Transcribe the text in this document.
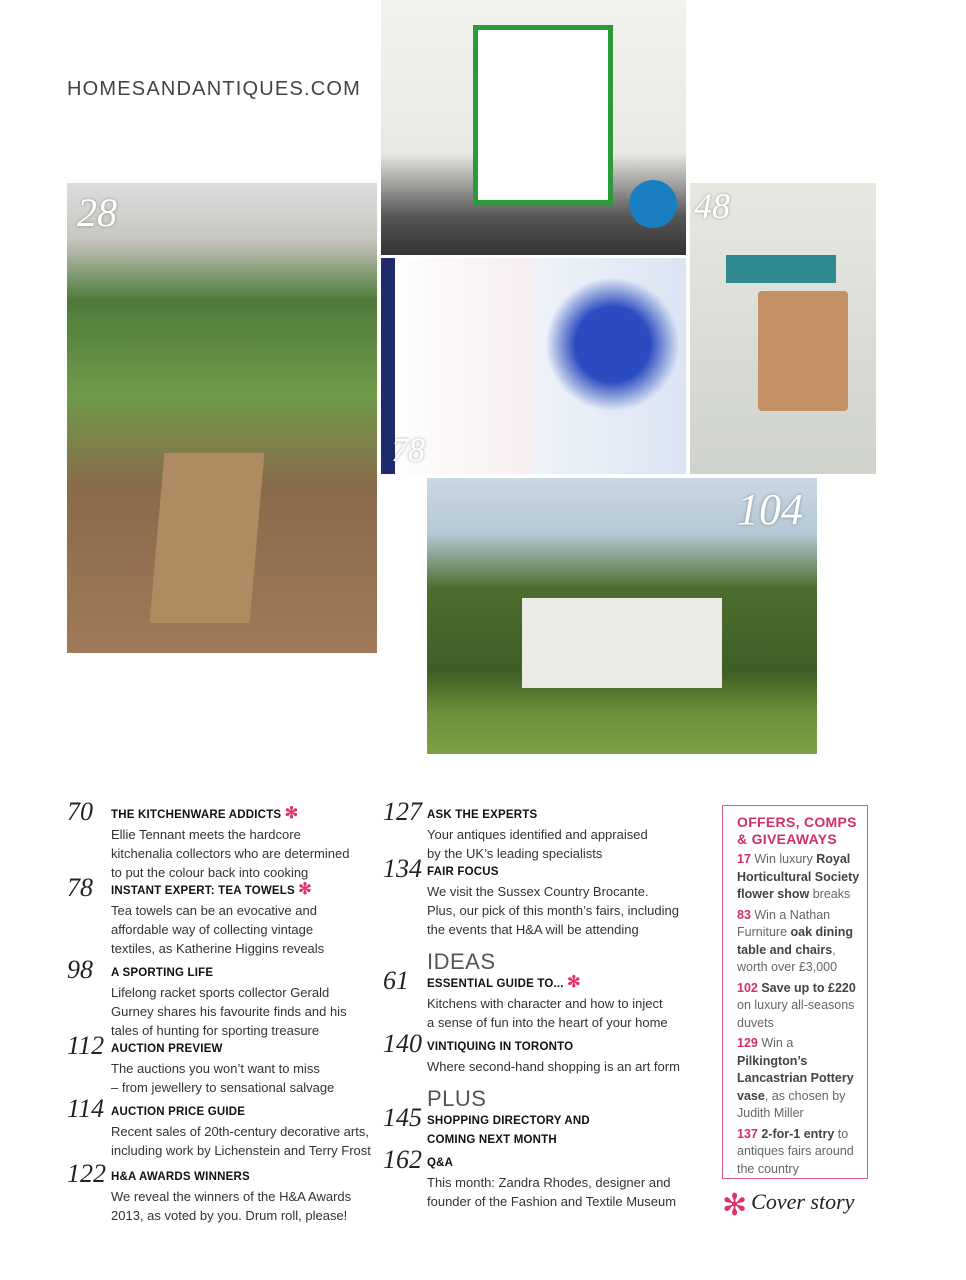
HOMESANDANTIQUES.COM
28
78
48
104
70 THE KITCHENWARE ADDICTS ✻
Ellie Tennant meets the hardcore
kitchenalia collectors who are determined
to put the colour back into cooking
78 INSTANT EXPERT: TEA TOWELS ✻
Tea towels can be an evocative and
affordable way of collecting vintage
textiles, as Katherine Higgins reveals
98 A SPORTING LIFE
Lifelong racket sports collector Gerald
Gurney shares his favourite finds and his
tales of hunting for sporting treasure
112 AUCTION PREVIEW
The auctions you won’t want to miss
– from jewellery to sensational salvage
114 AUCTION PRICE GUIDE
Recent sales of 20th-century decorative arts,
including work by Lichenstein and Terry Frost
122 H&A AWARDS WINNERS
We reveal the winners of the H&A Awards
2013, as voted by you. Drum roll, please!
127 ASK THE EXPERTS
Your antiques identified and appraised
by the UK’s leading specialists
134 FAIR FOCUS
We visit the Sussex Country Brocante.
Plus, our pick of this month’s fairs, including
the events that H&A will be attending
IDEAS
61 ESSENTIAL GUIDE TO... ✻
Kitchens with character and how to inject
a sense of fun into the heart of your home
140 VINTIQUING IN TORONTO
Where second-hand shopping is an art form
PLUS
145 SHOPPING DIRECTORY AND
COMING NEXT MONTH
162 Q&A
This month: Zandra Rhodes, designer and
founder of the Fashion and Textile Museum
OFFERS, COMPS & GIVEAWAYS
17 Win luxury Royal Horticultural Society flower show breaks
83 Win a Nathan Furniture oak dining table and chairs, worth over £3,000
102 Save up to £220 on luxury all-seasons duvets
129 Win a Pilkington’s Lancastrian Pottery vase, as chosen by Judith Miller
137 2-for-1 entry to antiques fairs around the country
✻ Cover story
